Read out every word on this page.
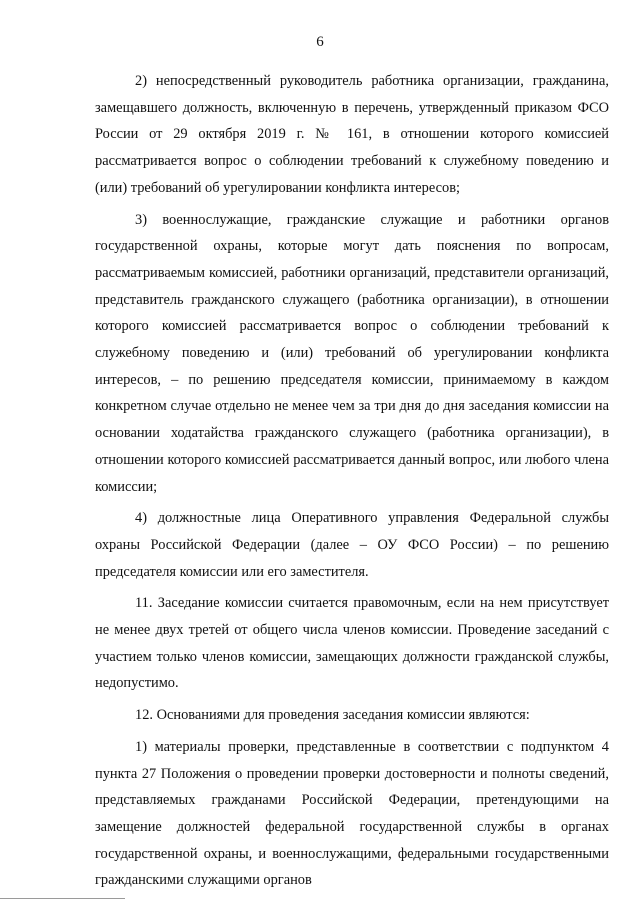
6

2) непосредственный руководитель работника организации, гражданина, замещавшего должность, включенную в перечень, утвержденный приказом ФСО России от 29 октября 2019 г. № 161, в отношении которого комиссией рассматривается вопрос о соблюдении требований к служебному поведению и (или) требований об урегулировании конфликта интересов;

3) военнослужащие, гражданские служащие и работники органов государственной охраны, которые могут дать пояснения по вопросам, рассматриваемым комиссией, работники организаций, представители организаций, представитель гражданского служащего (работника организации), в отношении которого комиссией рассматривается вопрос о соблюдении требований к служебному поведению и (или) требований об урегулировании конфликта интересов, – по решению председателя комиссии, принимаемому в каждом конкретном случае отдельно не менее чем за три дня до дня заседания комиссии на основании ходатайства гражданского служащего (работника организации), в отношении которого комиссией рассматривается данный вопрос, или любого члена комиссии;

4) должностные лица Оперативного управления Федеральной службы охраны Российской Федерации (далее – ОУ ФСО России) – по решению председателя комиссии или его заместителя.

11. Заседание комиссии считается правомочным, если на нем присутствует не менее двух третей от общего числа членов комиссии. Проведение заседаний с участием только членов комиссии, замещающих должности гражданской службы, недопустимо.

12. Основаниями для проведения заседания комиссии являются:

1) материалы проверки, представленные в соответствии с подпунктом 4 пункта 27 Положения о проведении проверки достоверности и полноты сведений, представляемых гражданами Российской Федерации, претендующими на замещение должностей федеральной государственной службы в органах государственной охраны, и военнослужащими, федеральными государственными гражданскими служащими органов
